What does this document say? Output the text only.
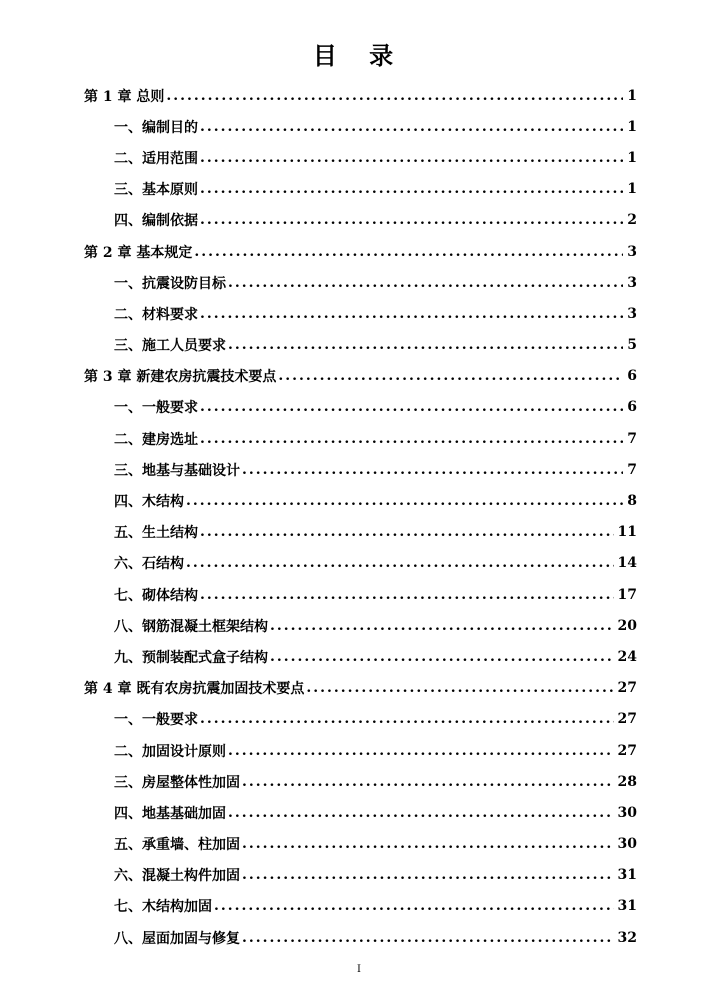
目 录
第 1 章 总则 .....	1
一、编制目的 .....	1
二、适用范围 .....	1
三、基本原则 .....	1
四、编制依据 .....	2
第 2 章 基本规定 .....	3
一、抗震设防目标 .....	3
二、材料要求 .....	3
三、施工人员要求 .....	5
第 3 章 新建农房抗震技术要点 .....	6
一、一般要求 .....	6
二、建房选址 .....	7
三、地基与基础设计 .....	7
四、木结构 .....	8
五、生土结构 .....	11
六、石结构 .....	14
七、砌体结构 .....	17
八、钢筋混凝土框架结构 .....	20
九、预制装配式盒子结构 .....	24
第 4 章 既有农房抗震加固技术要点 .....	27
一、一般要求 .....	27
二、加固设计原则 .....	27
三、房屋整体性加固 .....	28
四、地基基础加固 .....	30
五、承重墙、柱加固 .....	30
六、混凝土构件加固 .....	31
七、木结构加固 .....	31
八、屋面加固与修复 .....	32
I
